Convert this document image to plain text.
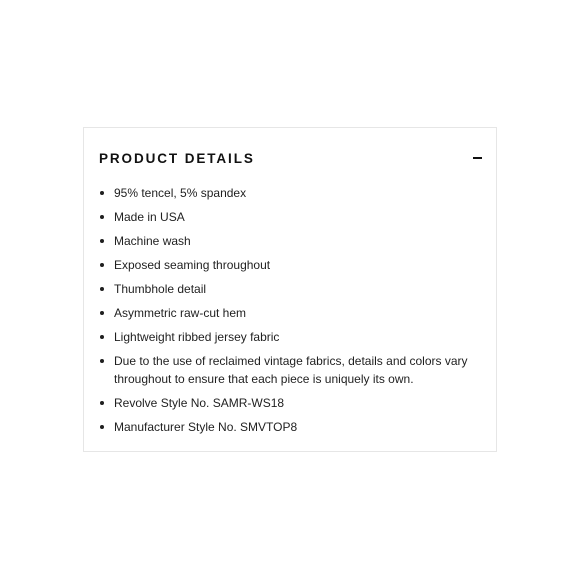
PRODUCT DETAILS
95% tencel, 5% spandex
Made in USA
Machine wash
Exposed seaming throughout
Thumbhole detail
Asymmetric raw-cut hem
Lightweight ribbed jersey fabric
Due to the use of reclaimed vintage fabrics, details and colors vary throughout to ensure that each piece is uniquely its own.
Revolve Style No. SAMR-WS18
Manufacturer Style No. SMVTOP8
